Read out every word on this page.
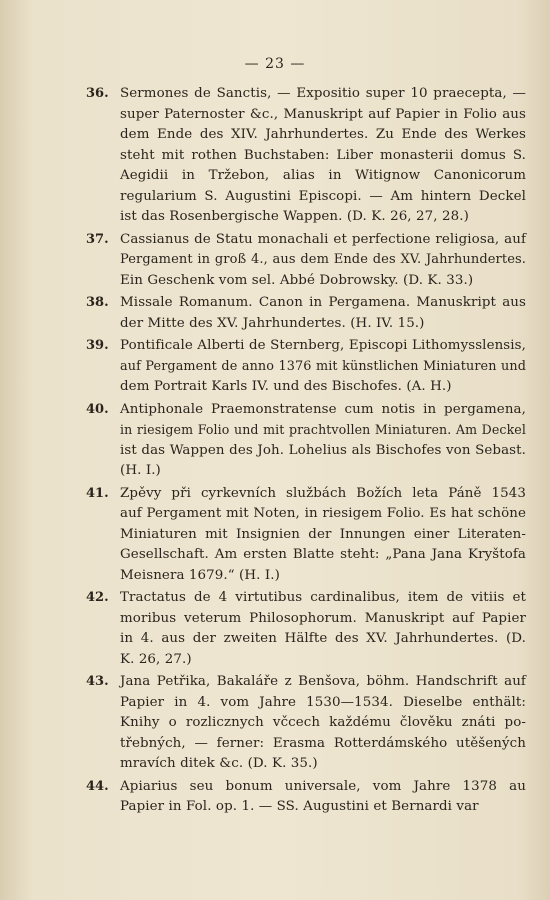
— 23 —
36. Sermones de Sanctis, — Expositio super 10 praecepta, —
super Paternoster &c., Manuskript auf Papier in Folio aus
dem Ende des XIV. Jahrhundertes. Zu Ende des Werkes
steht mit rothen Buchstaben: Liber monasterii domus S.
Aegidii in Tržebon, alias in Witignow Canonicorum
regularium S. Augustini Episcopi. — Am hintern Deckel
ist das Rosenbergische Wappen. (D. K. 26, 27, 28.)
37. Cassianus de Statu monachali et perfectione religiosa, auf
Pergament in groß 4., aus dem Ende des XV. Jahrhundertes.
Ein Geschenk vom sel. Abbé Dobrowsky. (D. K. 33.)
38. Missale Romanum. Canon in Pergamena. Manuskript aus
der Mitte des XV. Jahrhundertes. (H. IV. 15.)
39. Pontificale Alberti de Sternberg, Episcopi Lithomysslensis,
auf Pergament de anno 1376 mit künstlichen Miniaturen und
dem Portrait Karls IV. und des Bischofes. (A. H.)
40. Antiphonale Praemonstratense cum notis in pergamena,
in riesigem Folio und mit prachtvollen Miniaturen. Am Deckel
ist das Wappen des Joh. Lohelius als Bischofes von Sebast.
(H. I.)
41. Zpěvy při cyrkevních službách Božích leta Páně 1543
auf Pergament mit Noten, in riesigem Folio. Es hat schöne
Miniaturen mit Insignien der Innungen einer Literaten-
Gesellschaft. Am ersten Blatte steht: „Pana Jana Kryštofa
Meisnera 1679.“ (H. I.)
42. Tractatus de 4 virtutibus cardinalibus, item de vitiis et
moribus veterum Philosophorum. Manuskript auf Papier
in 4. aus der zweiten Hälfte des XV. Jahrhundertes. (D.
K. 26, 27.)
43. Jana Petřika, Bakaláře z Benšova, böhm. Handschrift auf
Papier in 4. vom Jahre 1530—1534. Dieselbe enthält:
Knihy o rozlicznych včcech každému člověku znáti po-
třebných, — ferner: Erasma Rotterdámského utěšených
mravích ditek &c. (D. K. 35.)
44. Apiarius seu bonum universale, vom Jahre 1378 au
Papier in Fol. op. 1. — SS. Augustini et Bernardi var
